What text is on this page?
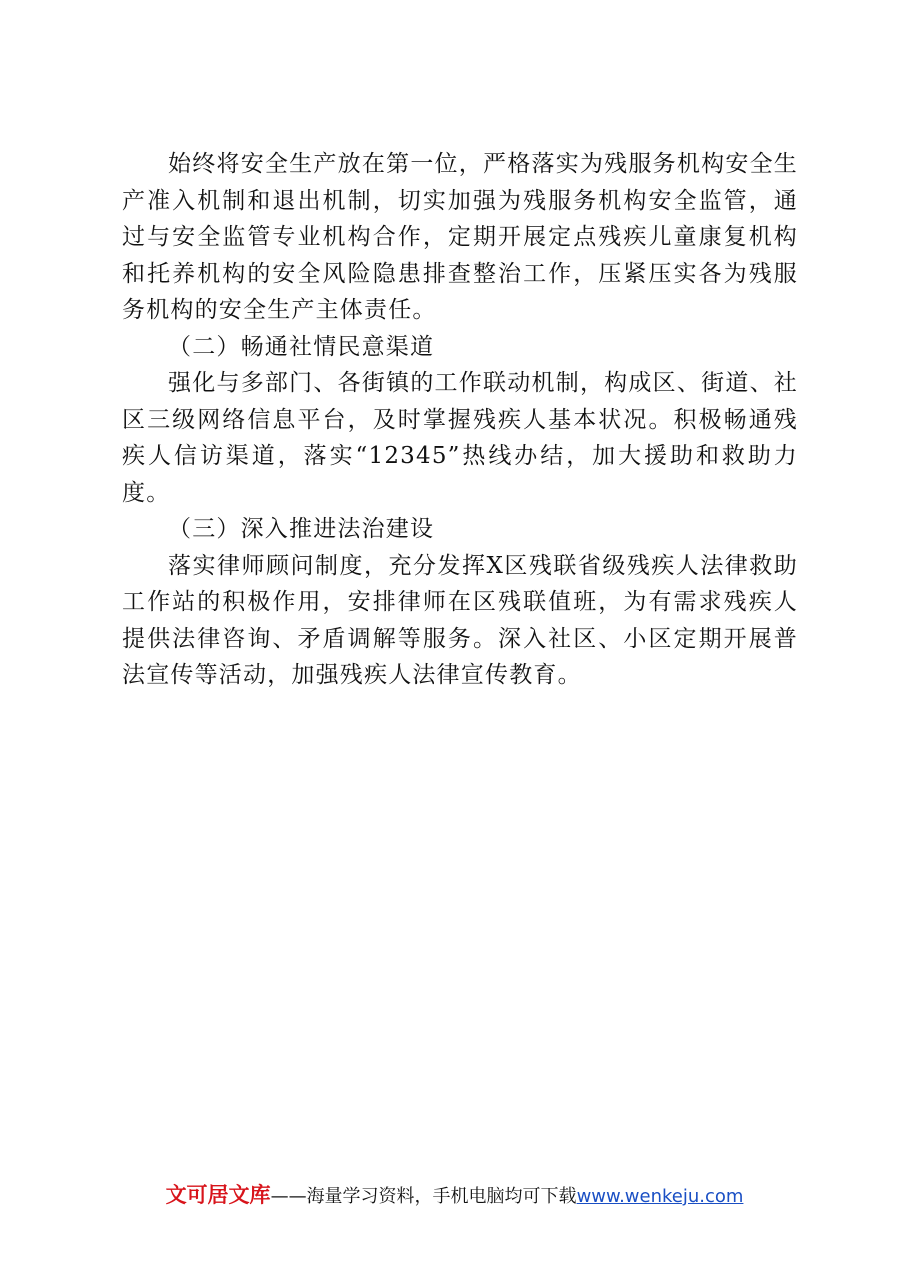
始终将安全生产放在第一位，严格落实为残服务机构安全生产准入机制和退出机制，切实加强为残服务机构安全监管，通过与安全监管专业机构合作，定期开展定点残疾儿童康复机构和托养机构的安全风险隐患排查整治工作，压紧压实各为残服务机构的安全生产主体责任。

（二）畅通社情民意渠道

强化与多部门、各街镇的工作联动机制，构成区、街道、社区三级网络信息平台，及时掌握残疾人基本状况。积极畅通残疾人信访渠道，落实“12345”热线办结，加大援助和救助力度。

（三）深入推进法治建设

落实律师顾问制度，充分发挥X区残联省级残疾人法律救助工作站的积极作用，安排律师在区残联值班，为有需求残疾人提供法律咨询、矛盾调解等服务。深入社区、小区定期开展普法宣传等活动，加强残疾人法律宣传教育。

文可居文库——海量学习资料，手机电脑均可下载www.wenkeju.com
